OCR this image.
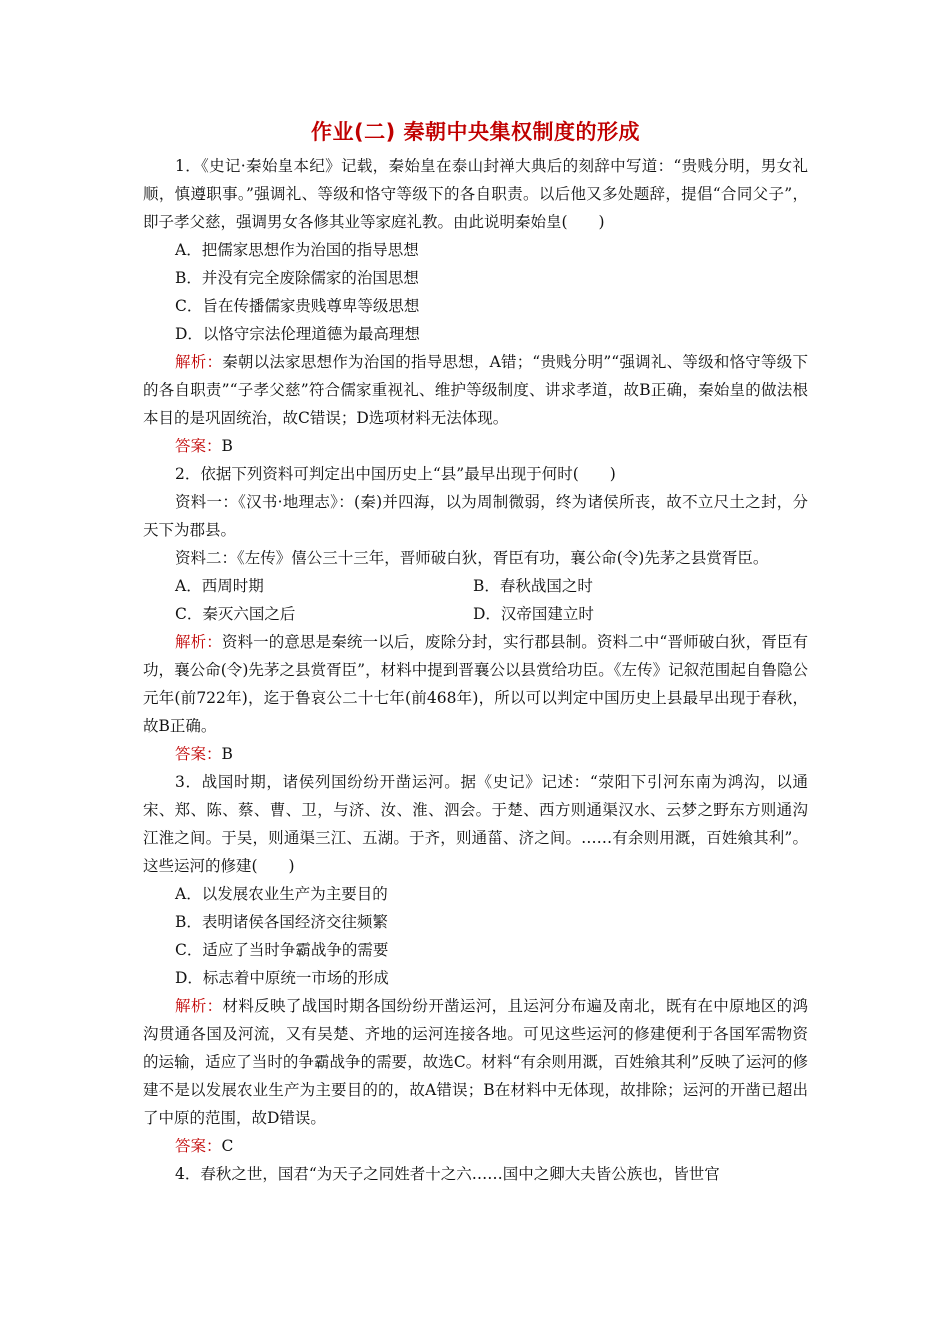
作业(二) 秦朝中央集权制度的形成

1．《史记·秦始皇本纪》记载，秦始皇在泰山封禅大典后的刻辞中写道：“贵贱分明，男女礼顺，慎遵职事。”强调礼、等级和恪守等级下的各自职责。以后他又多处题辞，提倡“合同父子”，即子孝父慈，强调男女各修其业等家庭礼教。由此说明秦始皇(　　)

A．把儒家思想作为治国的指导思想

B．并没有完全废除儒家的治国思想

C．旨在传播儒家贵贱尊卑等级思想

D．以恪守宗法伦理道德为最高理想

解析：秦朝以法家思想作为治国的指导思想，A错；“贵贱分明”“强调礼、等级和恪守等级下的各自职责”“子孝父慈”符合儒家重视礼、维护等级制度、讲求孝道，故B正确，秦始皇的做法根本目的是巩固统治，故C错误；D选项材料无法体现。

答案：B

2．依据下列资料可判定出中国历史上“县”最早出现于何时(　　)

资料一：《汉书·地理志》：(秦)并四海，以为周制微弱，终为诸侯所丧，故不立尺土之封，分天下为郡县。

资料二：《左传》僖公三十三年，晋师破白狄，胥臣有功，襄公命(令)先茅之县赏胥臣。

A．西周时期	B．春秋战国之时
C．秦灭六国之后	D．汉帝国建立时

解析：资料一的意思是秦统一以后，废除分封，实行郡县制。资料二中“晋师破白狄，胥臣有功，襄公命(令)先茅之县赏胥臣”，材料中提到晋襄公以县赏给功臣。《左传》记叙范围起自鲁隐公元年(前722年)，迄于鲁哀公二十七年(前468年)，所以可以判定中国历史上县最早出现于春秋，故B正确。

答案：B

3．战国时期，诸侯列国纷纷开凿运河。据《史记》记述：“荥阳下引河东南为鸿沟，以通宋、郑、陈、蔡、曹、卫，与济、汝、淮、泗会。于楚、西方则通渠汉水、云梦之野东方则通沟江淮之间。于吴，则通渠三江、五湖。于齐，则通菑、济之间。……有余则用溉，百姓飨其利”。这些运河的修建(　　)

A．以发展农业生产为主要目的

B．表明诸侯各国经济交往频繁

C．适应了当时争霸战争的需要

D．标志着中原统一市场的形成

解析：材料反映了战国时期各国纷纷开凿运河，且运河分布遍及南北，既有在中原地区的鸿沟贯通各国及河流，又有吴楚、齐地的运河连接各地。可见这些运河的修建便利于各国军需物资的运输，适应了当时的争霸战争的需要，故选C。材料“有余则用溉，百姓飨其利”反映了运河的修建不是以发展农业生产为主要目的的，故A错误；B在材料中无体现，故排除；运河的开凿已超出了中原的范围，故D错误。

答案：C

4．春秋之世，国君“为天子之同姓者十之六……国中之卿大夫皆公族也，皆世官
